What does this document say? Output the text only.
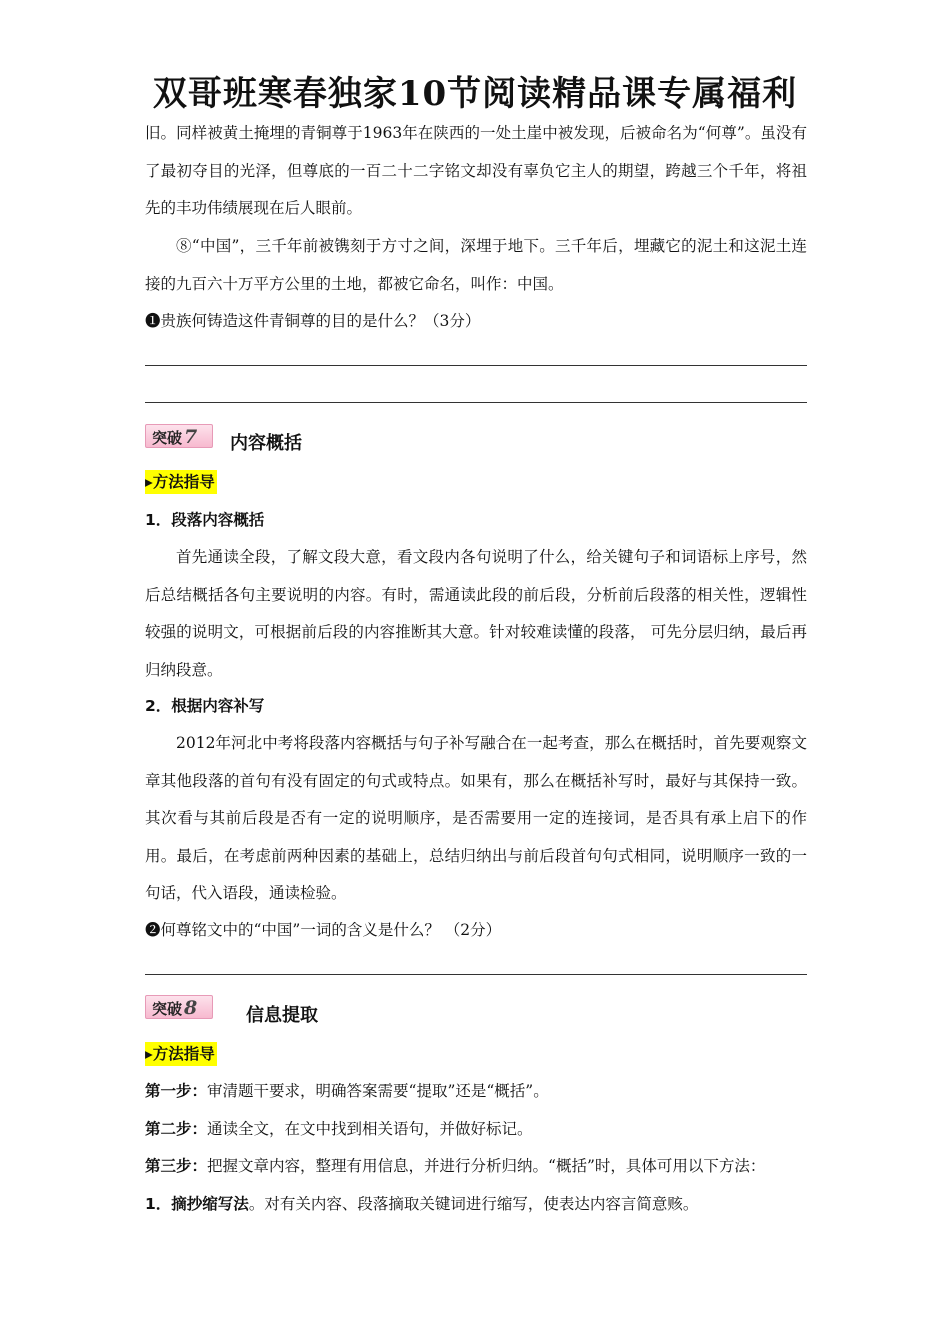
双哥班寒春独家10节阅读精品课专属福利

旧。同样被黄土掩埋的青铜尊于1963年在陕西的一处土崖中被发现，后被命名为“何尊”。虽没有了最初夺目的光泽，但尊底的一百二十二字铭文却没有辜负它主人的期望，跨越三个千年，将祖先的丰功伟绩展现在后人眼前。

⑧“中国”，三千年前被镌刻于方寸之间，深埋于地下。三千年后，埋藏它的泥土和这泥土连接的九百六十万平方公里的土地，都被它命名，叫作：中国。

❶贵族何铸造这件青铜尊的目的是什么？（3分）

突破 7	内容概括
▸方法指导
1．段落内容概括

首先通读全段，了解文段大意，看文段内各句说明了什么，给关键句子和词语标上序号，然后总结概括各句主要说明的内容。有时，需通读此段的前后段，分析前后段落的相关性，逻辑性较强的说明文，可根据前后段的内容推断其大意。针对较难读懂的段落， 可先分层归纳，最后再归纳段意。

2．根据内容补写

2012年河北中考将段落内容概括与句子补写融合在一起考查，那么在概括时，首先要观察文章其他段落的首句有没有固定的句式或特点。如果有，那么在概括补写时，最好与其保持一致。其次看与其前后段是否有一定的说明顺序，是否需要用一定的连接词，是否具有承上启下的作用。最后，在考虑前两种因素的基础上，总结归纳出与前后段首句句式相同，说明顺序一致的一句话，代入语段，通读检验。

❷何尊铭文中的“中国”一词的含义是什么？ （2分）

突破 8	信息提取
▸方法指导
第一步：审清题干要求，明确答案需要“提取”还是“概括”。
第二步：通读全文，在文中找到相关语句，并做好标记。
第三步：把握文章内容，整理有用信息，并进行分析归纳。“概括”时，具体可用以下方法：
1．摘抄缩写法。对有关内容、段落摘取关键词进行缩写，使表达内容言简意赅。
